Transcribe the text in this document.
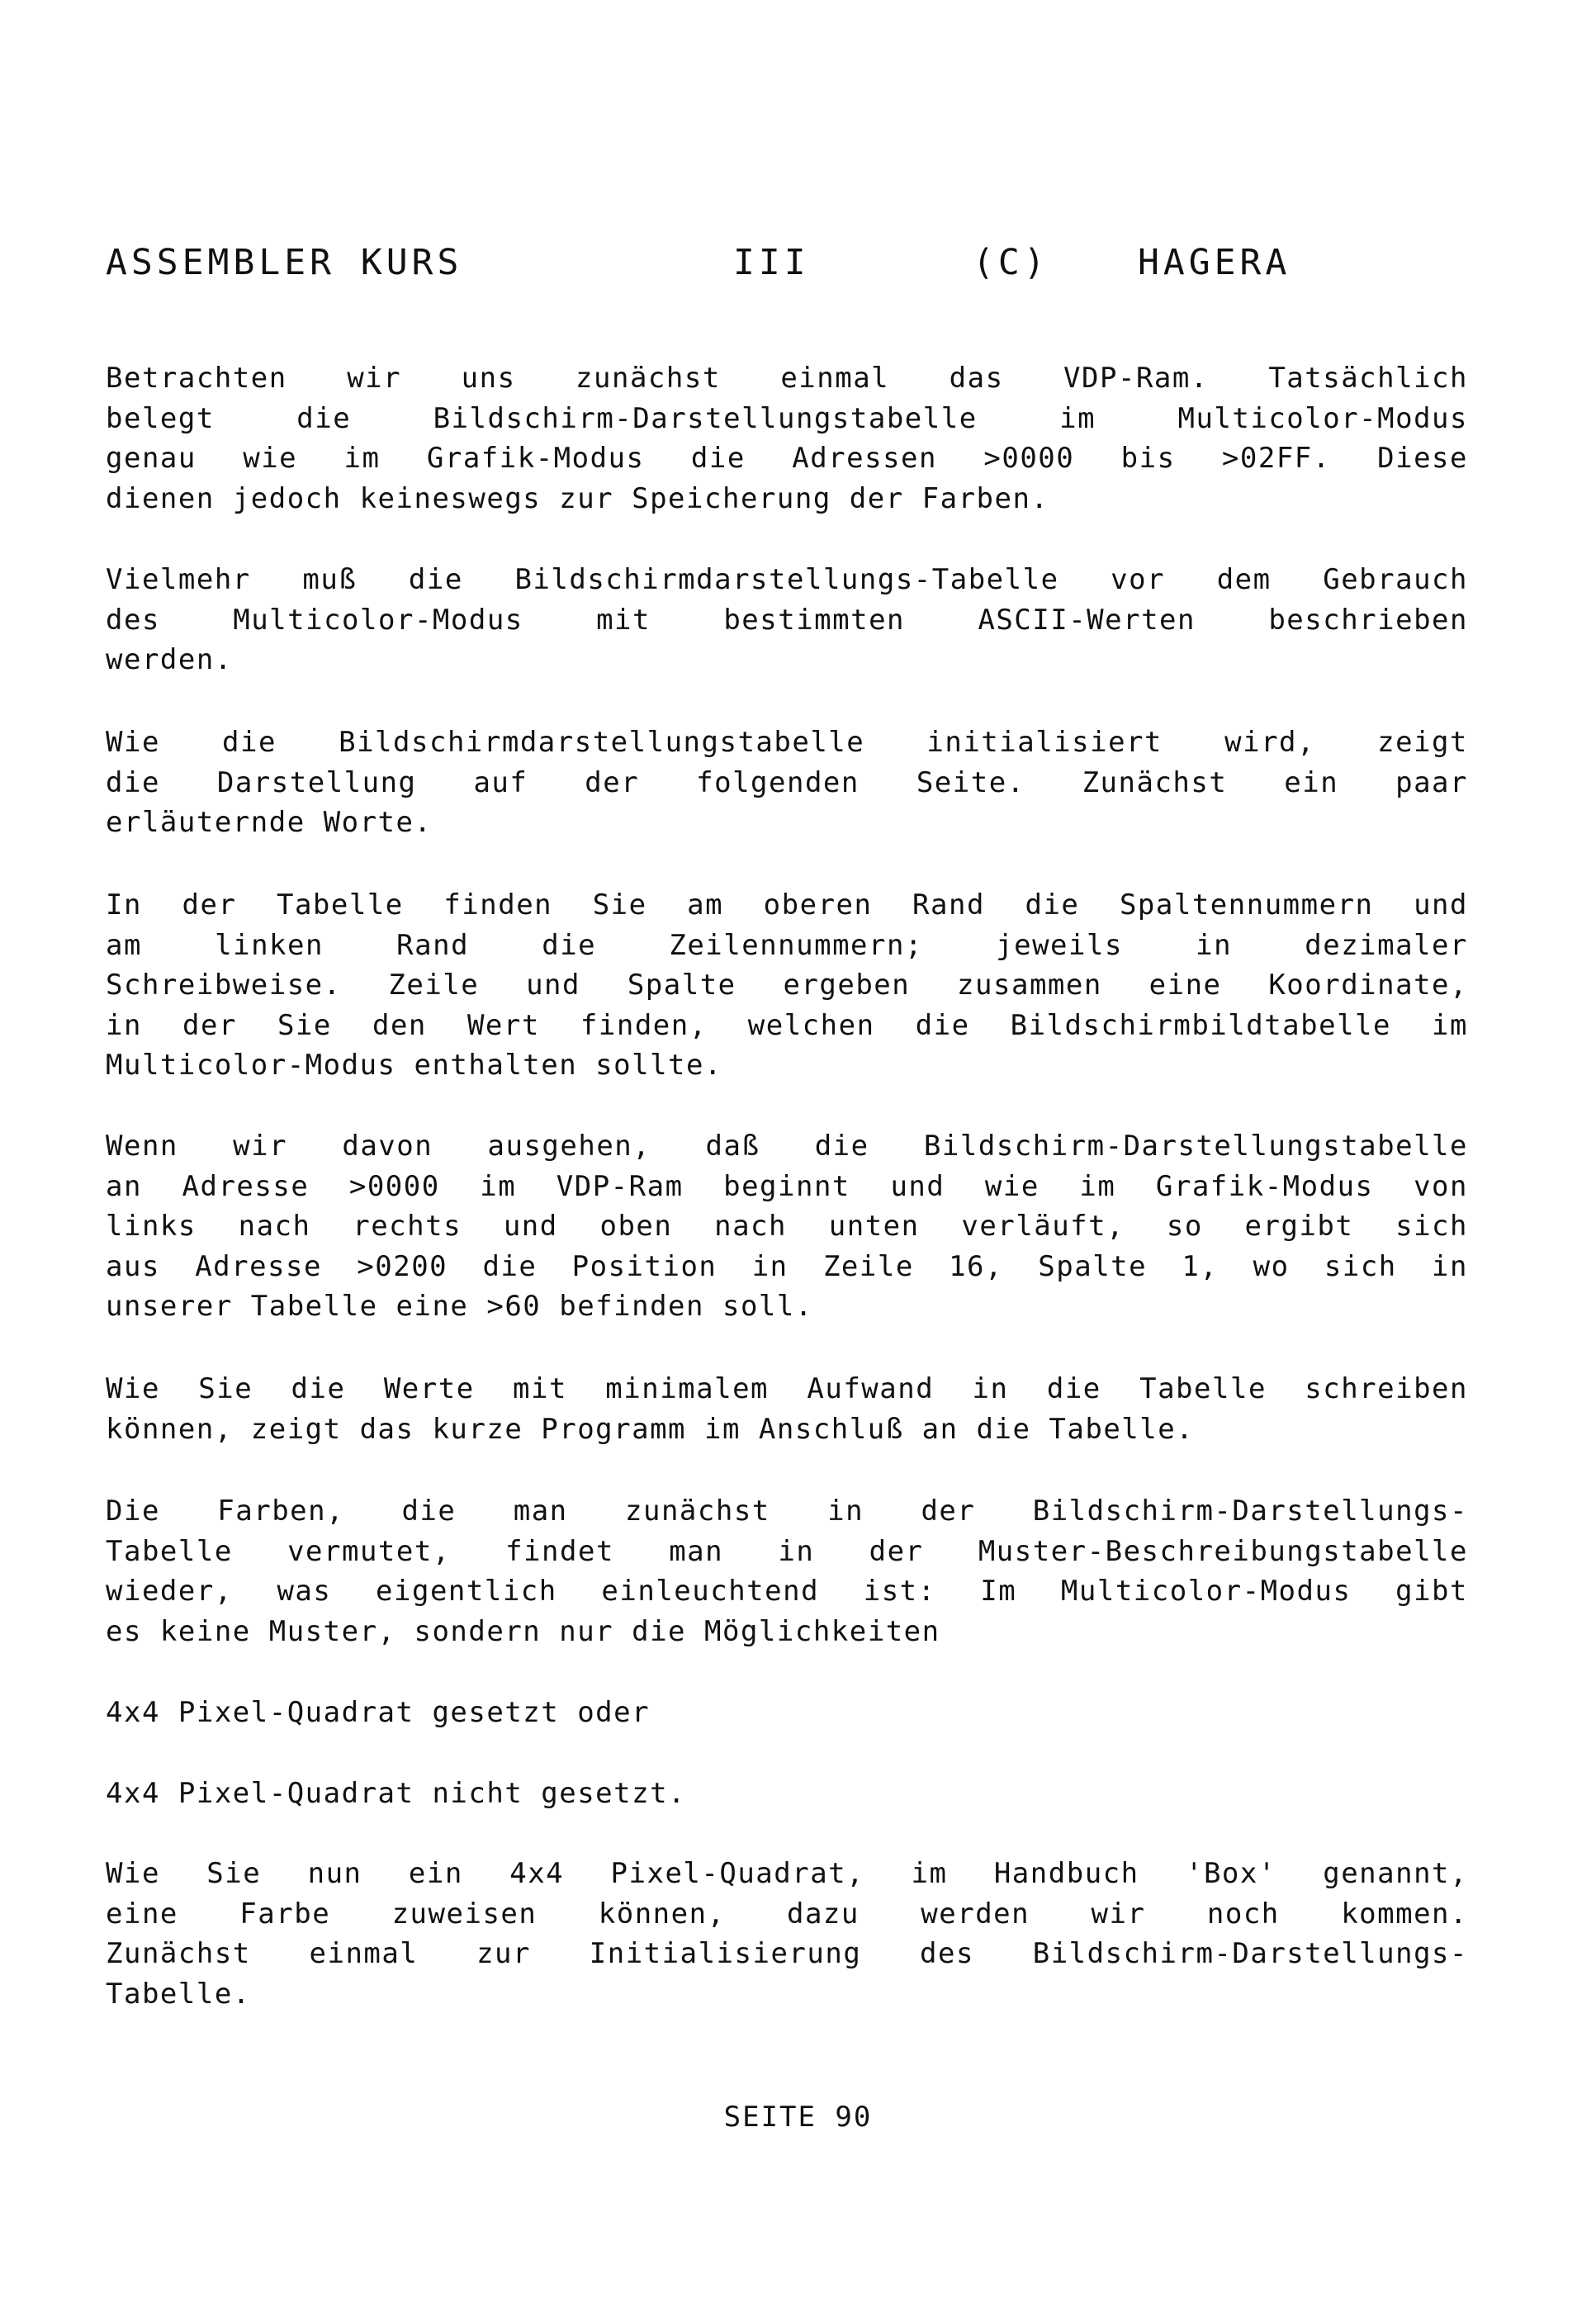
ASSEMBLER KURS	III	(C) HAGERA
Betrachten wir uns zunächst einmal das VDP-Ram. Tatsächlich
belegt die Bildschirm-Darstellungstabelle im Multicolor-Modus
genau wie im Grafik-Modus die Adressen >0000 bis >02FF. Diese
dienen jedoch keineswegs zur Speicherung der Farben.
Vielmehr muß die Bildschirmdarstellungs-Tabelle vor dem Gebrauch
des Multicolor-Modus mit bestimmten ASCII-Werten beschrieben
werden.
Wie die Bildschirmdarstellungstabelle initialisiert wird, zeigt
die Darstellung auf der folgenden Seite. Zunächst ein paar
erläuternde Worte.
In der Tabelle finden Sie am oberen Rand die Spaltennummern und
am linken Rand die Zeilennummern; jeweils in dezimaler
Schreibweise. Zeile und Spalte ergeben zusammen eine Koordinate,
in der Sie den Wert finden, welchen die Bildschirmbildtabelle im
Multicolor-Modus enthalten sollte.
Wenn wir davon ausgehen, daß die Bildschirm-Darstellungstabelle
an Adresse >0000 im VDP-Ram beginnt und wie im Grafik-Modus von
links nach rechts und oben nach unten verläuft, so ergibt sich
aus Adresse >0200 die Position in Zeile 16, Spalte 1, wo sich in
unserer Tabelle eine >60 befinden soll.
Wie Sie die Werte mit minimalem Aufwand in die Tabelle schreiben
können, zeigt das kurze Programm im Anschluß an die Tabelle.
Die Farben, die man zunächst in der Bildschirm-Darstellungs-
Tabelle vermutet, findet man in der Muster-Beschreibungstabelle
wieder, was eigentlich einleuchtend ist: Im Multicolor-Modus gibt
es keine Muster, sondern nur die Möglichkeiten
4x4 Pixel-Quadrat gesetzt oder
4x4 Pixel-Quadrat nicht gesetzt.
Wie Sie nun ein 4x4 Pixel-Quadrat, im Handbuch 'Box' genannt,
eine Farbe zuweisen können, dazu werden wir noch kommen.
Zunächst einmal zur Initialisierung des Bildschirm-Darstellungs-
Tabelle.
SEITE 90
